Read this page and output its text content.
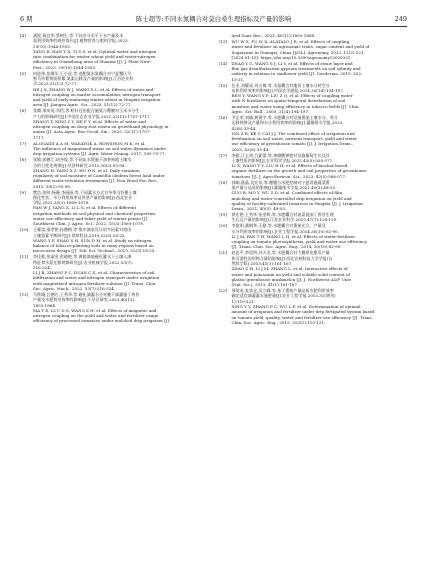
6 期	陈士超等:不同水氮耦合对莫白桑生理指标及产量的影响	249
[4]	蒲悦,杨宜华,蔡树生,等.不同水分水平下水产量及水
氮利用效率的调控效应[J].植物营养与肥料学报,2023,
29(10):1944-1955.
TANG R, HAN Y X, YI S S, et al. Optimal water and nitrogen
rate combination for winter wheat yield and water-nitrogen
efficiency in Guanzhong area of Shaanxi [J]. J. Plant Nutr.
Fert., 2023, 29(10):1944-1955.
[5]	何进伟,张继军,王小虎,等.追肥氮水氮耦合对宁夏覆区早
熟马铃薯物质积累,氮素运移及产量的影响[J].江苏农业科
学,2023,51(12):72-77.
HE J X, ZHANG W J, WANG X L, et al. Effects of water and
nitrogen coupling on matter accumulation, nitrogen transport
and yield of early-maturing winter wheat in Ningxia irrigation
area [J]. Jiangsu Agric. Sci., 2023, 51(12):72-77.
[6]	张腾,邢英英,刘恬,等.秸秆还田配合施氮与覆膜对玉米水分生
产力的影响研究[J].中国生态农业学报,2021,32(11):1707-1717.
ZHANG T, XING Y Y, HE F Y, et al. Effects of water and
nitrogen coupling on deep root nosen on growthand physiology in
maize [J]. Acta Agric. Bor-Occid. Sin., 2025, 32(11):1707-
1717.
[7]	ALOGAIDI A A M, WASAYOK A, ROWSHON M K, et al.
The influence of magnetized water on soil water dynamics under
drip irrigation systems [J]. Agric Water Manag, 2017, 180:70-77.
[8]	张敏,郭德江,胡冬俊,等.不同灰水缓施下油茶林地土壤水
分的日变化规律[J].经济林研究,2012,30(2):95-98.
ZHANG H, YANG X Z, HU D N, et al. Daily variation
regularity of soil moisture of Camellia oleifera forest land under
different water-retention treatments [J]. Non Wood For. Res.,
2012, 30(2):95-98.
[9]	樊浩,张明,杨薇,李丽丽,等.不同灌水方式对冬季马铃薯土壤
理化性状、水分利用效率及块茎产量的影响[J].西北农业
学报,2022,35(3):1069-1078.
FAN W J, YANG X, LI L S, et al. Effects of different
irrigation methods on soil physical and chemical properties,
water use efficiency and tuber yield of winter potato [J].
Southwest Chin. J. Agric. Sci., 2022, 35(3):1069-1078.
[10]	王耀富,邵孝俭,孙德梅,等.集中滴灰设计的多因素对烟田
土壤氮素平衡研究[J].烟草科技,2019,52(3):18-25.
WANG Y F, SHAO X H, SUN D M, et al. Study on nitrogen
balance of tobacco-planting soils in rainy regions based on
micro-area design [J]. Tob. Sci. Technol., 2019, 52(3):18-25.
[11]	李佳慈,张淑金,彭晓艳,等.黄陵滴液磁化灌水下土壤入渗
特征和水氮迁移规律研究[J].农业机械学报,2022,53(7):
316-324.
LI J B, ZHANG F C, DUAN C X, et al. Characteristics of soil
infiltration and water and nitrogen transport under irrigation
with magnetized nitrogen fertilizer solution [J]. Trans. Chin.
Soc. Agric. Mach., 2022, 53(7):316-324.
[12]	马铁城,吕德巧,王秀华,等.磁化滴灌水分对膜下滴灌施丁香苜
产量及水肥利用效率的影响[J].干旱区研究,2023,40(11):
1855-1864.
MA Y E, LUU D S, WANG Z H, et al. Effects of magnetic and
nitrogen coupling on the yield and water and fertilizer usage
efficiency of processed tomatoes under mulched drip irrigation [J].
Arid Zone Res., 2023, 40(11):1855-1864.
[13]	WU W X, FU W X, ALATALO J R, et al. Effects of coupling
water and fertilizer on agronomic traits, sugar content and yield of
Sugarcane in Guangxi, China [J/OL]. Agronomy, 2022, 12(2):321
[2024-01-10]. https://doi.org/10.3390/agronomy12020321.
[14]	ZHAO Y G, WANG S J, LI Y, et al. Effects of straw layer and
flue gas desulfurization gypsum treatments on soil salinity and
sodicity in relation to sunflower yield [J]. Geoderma, 2019, 352:
13-21.
[15]	任亚,刘耀星,刘占梅,等.水氮耦合对地旧土壤水分时空分
布和利用效率的影响[J].中国农学通报,2014,30(14):194-197.
REN Y, WANG Y F, LIU Z Q, et al. Effects of coupling water
with N fertilizers on spatio-temporal distribution of soil
moisture and water using efficiency in tobacco fields [J]. Chin.
Agric. Sci. Bull., 2005, 21(4):194-197.
[16]	尹志荣,刘楠,黄建宇,等.水肥耦合对设施番茄土壤水分、养分
运移规律及产量和水分利用效率的影响[J].灌溉排水学报,2023,
42(6):33-44.
YIN Z R, KE Y, CAI J J. The combined effect of irrigation and
fertilization on soil water, nutrient transport, yield and water
use efficiency of greenhouse tomato [J]. J. Irrigation Drain.,
2023, 42(6):33-44.
[17]	李雅,江玉鸿,吕素蕾,等.黄腐酸钾肥对设施葡萄生长及其
土壤性质的影响[J].农业科学学报,2023,42(5):550-577.
LI X, WANG Y Y, LIU H H, et al. Effects of biochar-based
organic fertilizer on the growth and soil properties of greenhouse
tomatoes [J]. J. Agro-Environ. Sci., 2023, 42(5):568-577.
[18]	郭桐,燕晶,吴宏东,等.覆膜与水肥控制对宁夏设施蔬菜番
茄产量与品质的影响[J].灌溉排水学报,2021,40(3):48-55.
GUO B, MO Y, WU Z D, et al. Combined effects of film
mulching and water-controlled drip irrigation on yield and
quality of facility-cultivated tomatoes in Ningxia [J]. J. Irrigation
Drain., 2021, 40(3): 48-55.
[19]	黄宏艳,王秀华,张金辉,等.水肥耦合对油菜施加丁香苜生理
生长及产量的影响[J].江苏农业科学,2019,47(7):124-129.
[20]	李俊明,潘钢华,王健,等.水肥耦合对番茄光合、产量及
水分利用效率的影响[J].农业工程学报,2014,30(10):82-90.
LI J M, PAN T H, WANG L H, et al. Effects of water-fertilizer
coupling on tomato photosynthesis, yield and water use efficiency
[J]. Trans. Chin. Soc. Agric. Eng., 2014, 30(10):82-90.
[21]	赵忠平,李堤明,苏天龙,等.水肥耦合对大棚厚皮甜瓜产量
和可溶性固形物含量的影响[J].西北农林科技大学学报(自
然科学版),2013,41(1):161-167.
ZHAO Z H, LI J M, ZHANG L, et al. Interactive effects of
water and potassium on yield and soluble solid content of
plastic greenhouse muskmelon [J]. J. Northwest A&F Univ.
(Nat. Sci.), 2013, 41(1):161-167.
[22]	邢英英,张富仓,吴立峰,等.基于番茄产量品质水肥利用效率
确定适宜滴灌灌水施肥量[J].农业工程学报,2015,31(增刊)
1):110-121.
XING Y Y, ZHANG F C, WU L F, et al. Determination of optimal
amount of irrigation and fertilizer under drip fertigated system based
on tomato yield, quality, water and fertilizer use efficiency [J]. Trans.
Chin. Soc. Agric. Eng., 2015, 31(S1):110-121.
